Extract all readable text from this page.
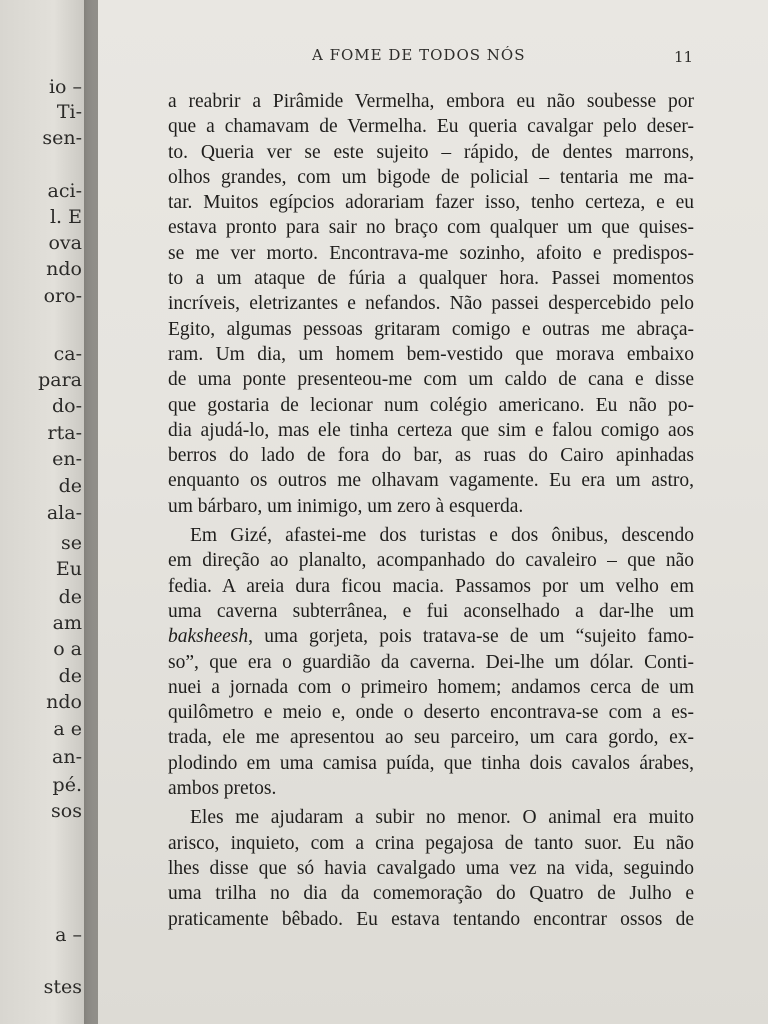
io –
Ti-
sen-
aci-
l. E
ova
ndo
oro-
ca-
para
do-
rta-
en-
de
ala-
se
Eu
de
am
o a
de
ndo
a e
an-
pé.
sos
a –
stes
A FOME DE TODOS NÓS	11
a reabrir a Pirâmide Vermelha, embora eu não soubesse por
que a chamavam de Vermelha. Eu queria cavalgar pelo deser-
to. Queria ver se este sujeito – rápido, de dentes marrons,
olhos grandes, com um bigode de policial – tentaria me ma-
tar. Muitos egípcios adorariam fazer isso, tenho certeza, e eu
estava pronto para sair no braço com qualquer um que quises-
se me ver morto. Encontrava-me sozinho, afoito e predispos-
to a um ataque de fúria a qualquer hora. Passei momentos
incríveis, eletrizantes e nefandos. Não passei despercebido pelo
Egito, algumas pessoas gritaram comigo e outras me abraça-
ram. Um dia, um homem bem-vestido que morava embaixo
de uma ponte presenteou-me com um caldo de cana e disse
que gostaria de lecionar num colégio americano. Eu não po-
dia ajudá-lo, mas ele tinha certeza que sim e falou comigo aos
berros do lado de fora do bar, as ruas do Cairo apinhadas
enquanto os outros me olhavam vagamente. Eu era um astro,
um bárbaro, um inimigo, um zero à esquerda.
Em Gizé, afastei-me dos turistas e dos ônibus, descendo
em direção ao planalto, acompanhado do cavaleiro – que não
fedia. A areia dura ficou macia. Passamos por um velho em
uma caverna subterrânea, e fui aconselhado a dar-lhe um
baksheesh, uma gorjeta, pois tratava-se de um “sujeito famo-
so”, que era o guardião da caverna. Dei-lhe um dólar. Conti-
nuei a jornada com o primeiro homem; andamos cerca de um
quilômetro e meio e, onde o deserto encontrava-se com a es-
trada, ele me apresentou ao seu parceiro, um cara gordo, ex-
plodindo em uma camisa puída, que tinha dois cavalos árabes,
ambos pretos.
Eles me ajudaram a subir no menor. O animal era muito
arisco, inquieto, com a crina pegajosa de tanto suor. Eu não
lhes disse que só havia cavalgado uma vez na vida, seguindo
uma trilha no dia da comemoração do Quatro de Julho e
praticamente bêbado. Eu estava tentando encontrar ossos de
